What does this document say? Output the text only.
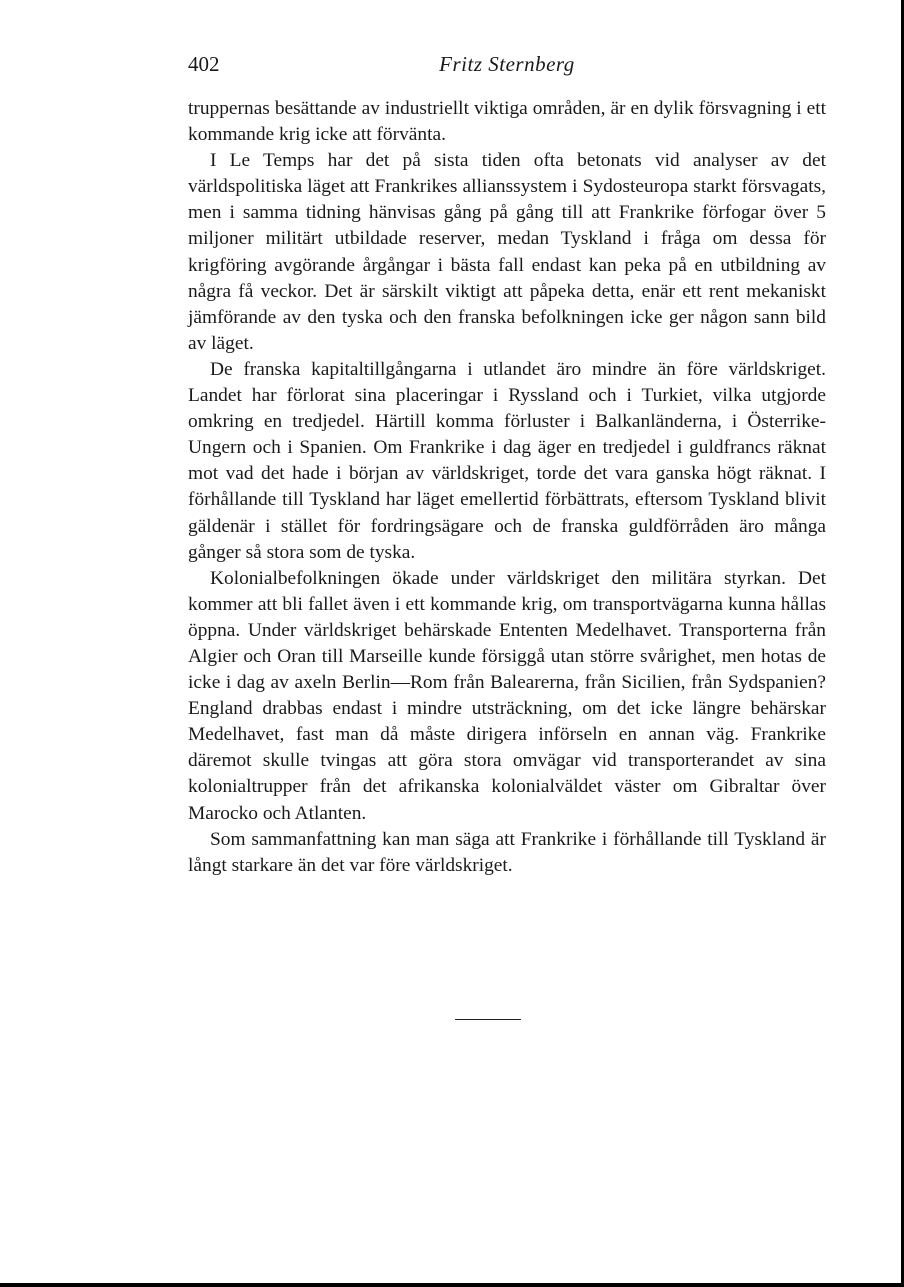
402	Fritz Sternberg

truppernas besättande av industriellt viktiga områden, är en dylik försvagning i ett kommande krig icke att förvänta.

I Le Temps har det på sista tiden ofta betonats vid analyser av det världspolitiska läget att Frankrikes allianssystem i Sydosteuropa starkt försvagats, men i samma tidning hänvisas gång på gång till att Frankrike förfogar över 5 miljoner militärt utbildade reserver, medan Tyskland i fråga om dessa för krigföring avgörande årgångar i bästa fall endast kan peka på en utbildning av några få veckor. Det är särskilt viktigt att påpeka detta, enär ett rent mekaniskt jämförande av den tyska och den franska befolkningen icke ger någon sann bild av läget.

De franska kapitaltillgångarna i utlandet äro mindre än före världskriget. Landet har förlorat sina placeringar i Ryssland och i Turkiet, vilka utgjorde omkring en tredjedel. Härtill komma förluster i Balkanländerna, i Österrike-Ungern och i Spanien. Om Frankrike i dag äger en tredjedel i guldfrancs räknat mot vad det hade i början av världskriget, torde det vara ganska högt räknat. I förhållande till Tyskland har läget emellertid förbättrats, eftersom Tyskland blivit gäldenär i stället för fordringsägare och de franska guldförråden äro många gånger så stora som de tyska.

Kolonialbefolkningen ökade under världskriget den militära styrkan. Det kommer att bli fallet även i ett kommande krig, om transportvägarna kunna hållas öppna. Under världskriget behärskade Ententen Medelhavet. Transporterna från Algier och Oran till Marseille kunde försiggå utan större svårighet, men hotas de icke i dag av axeln Berlin—Rom från Balearerna, från Sicilien, från Sydspanien? England drabbas endast i mindre utsträckning, om det icke längre behärskar Medelhavet, fast man då måste dirigera införseln en annan väg. Frankrike däremot skulle tvingas att göra stora omvägar vid transporterandet av sina kolonialtrupper från det afrikanska kolonialväldet väster om Gibraltar över Marocko och Atlanten.

Som sammanfattning kan man säga att Frankrike i förhållande till Tyskland är långt starkare än det var före världskriget.
